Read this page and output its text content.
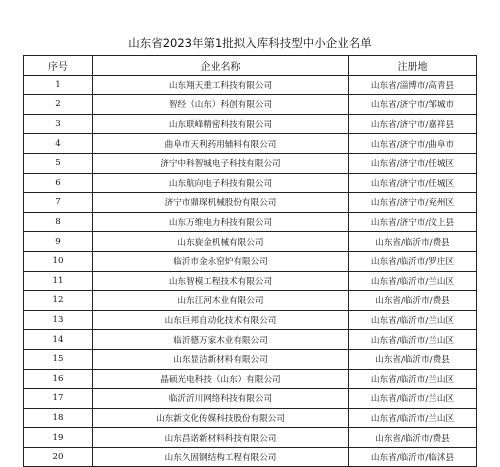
山东省2023年第1批拟入库科技型中小企业名单
序号	企业名称	注册地
1	山东翔天重工科技有限公司	山东省/淄博市/高青县
2	智经（山东）科创有限公司	山东省/济宁市/邹城市
3	山东联峰精密科技有限公司	山东省/济宁市/嘉祥县
4	曲阜市天利药用辅料有限公司	山东省/济宁市/曲阜市
5	济宁中科智城电子科技有限公司	山东省/济宁市/任城区
6	山东航向电子科技有限公司	山东省/济宁市/任城区
7	济宁市鼎琛机械股份有限公司	山东省/济宁市/兖州区
8	山东万维电力科技有限公司	山东省/济宁市/汶上县
9	山东旋金机械有限公司	山东省/临沂市/费县
10	临沂市金永窑炉有限公司	山东省/临沂市/罗庄区
11	山东智模工程技术有限公司	山东省/临沂市/兰山区
12	山东江河木业有限公司	山东省/临沂市/费县
13	山东巨邦自动化技术有限公司	山东省/临沂市/兰山区
14	临沂德万家木业有限公司	山东省/临沂市/兰山区
15	山东显洁新材料有限公司	山东省/临沂市/费县
16	晶硕光电科技（山东）有限公司	山东省/临沂市/兰山区
17	临沂沂川网络科技有限公司	山东省/临沂市/兰山区
18	山东新文化传媒科技股份有限公司	山东省/临沂市/兰山区
19	山东昌诺新材料科技有限公司	山东省/临沂市/费县
20	山东久固钢结构工程有限公司	山东省/临沂市/临沭县
